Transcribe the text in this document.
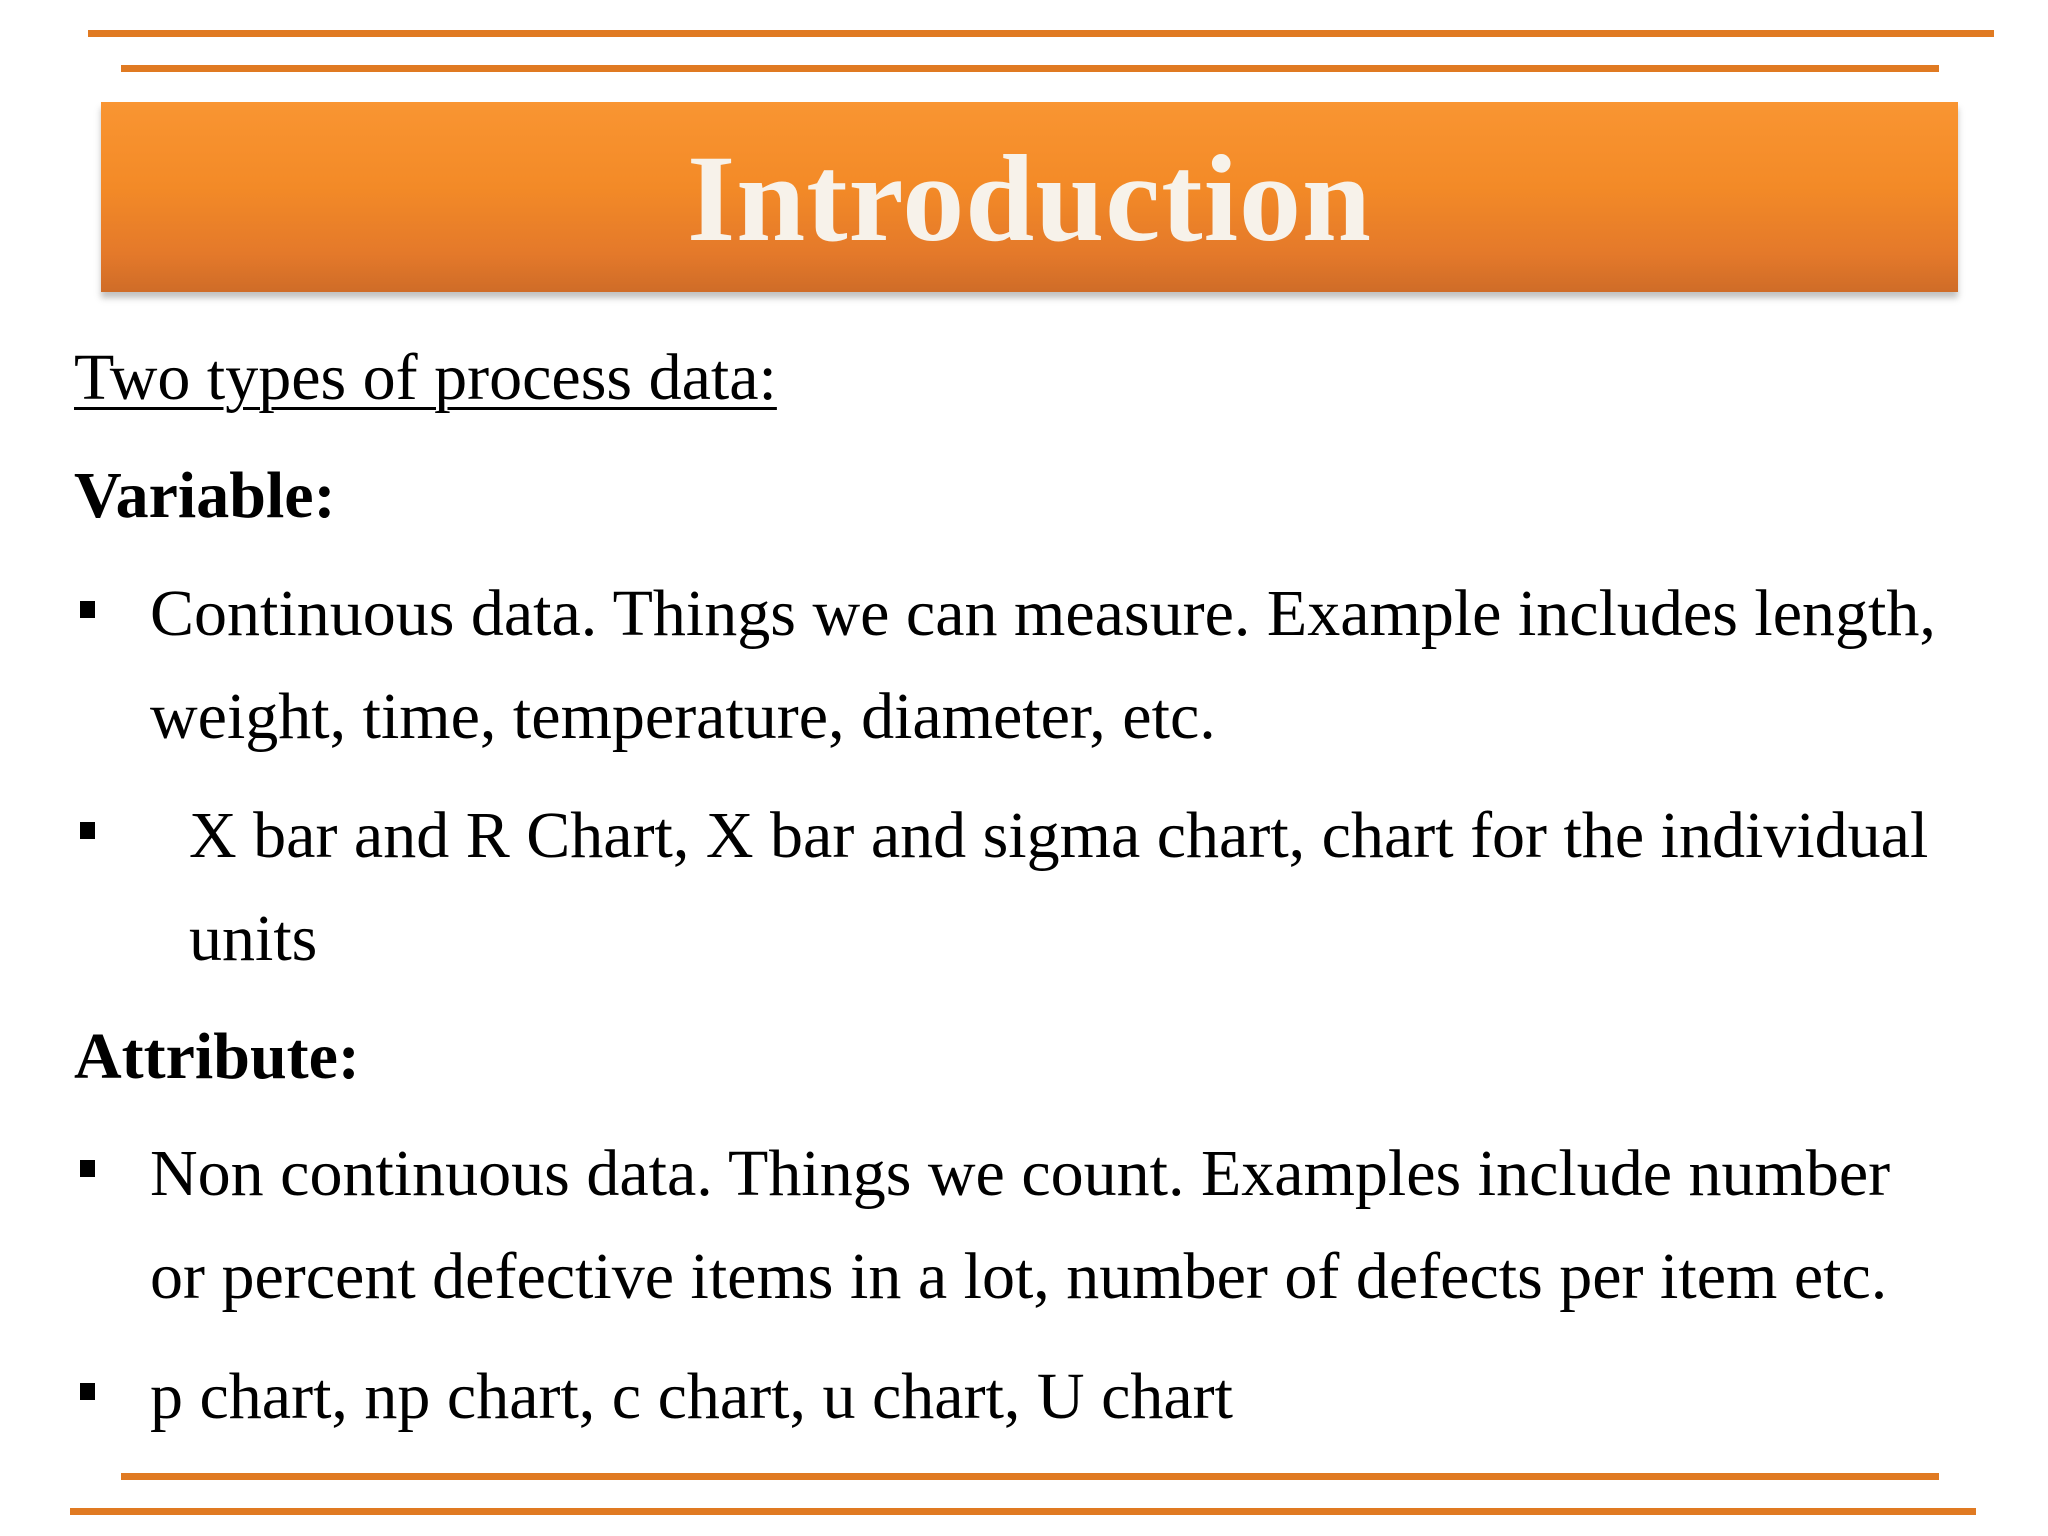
Introduction
Two types of process data:
Variable:
Continuous data. Things we can measure. Example includes length,
weight, time, temperature, diameter, etc.
X bar and R Chart, X bar and sigma chart, chart for the individual
units
Attribute:
Non continuous data. Things we count. Examples include number
or percent defective items in a lot, number of defects per item etc.
p chart, np chart, c chart, u chart, U chart
